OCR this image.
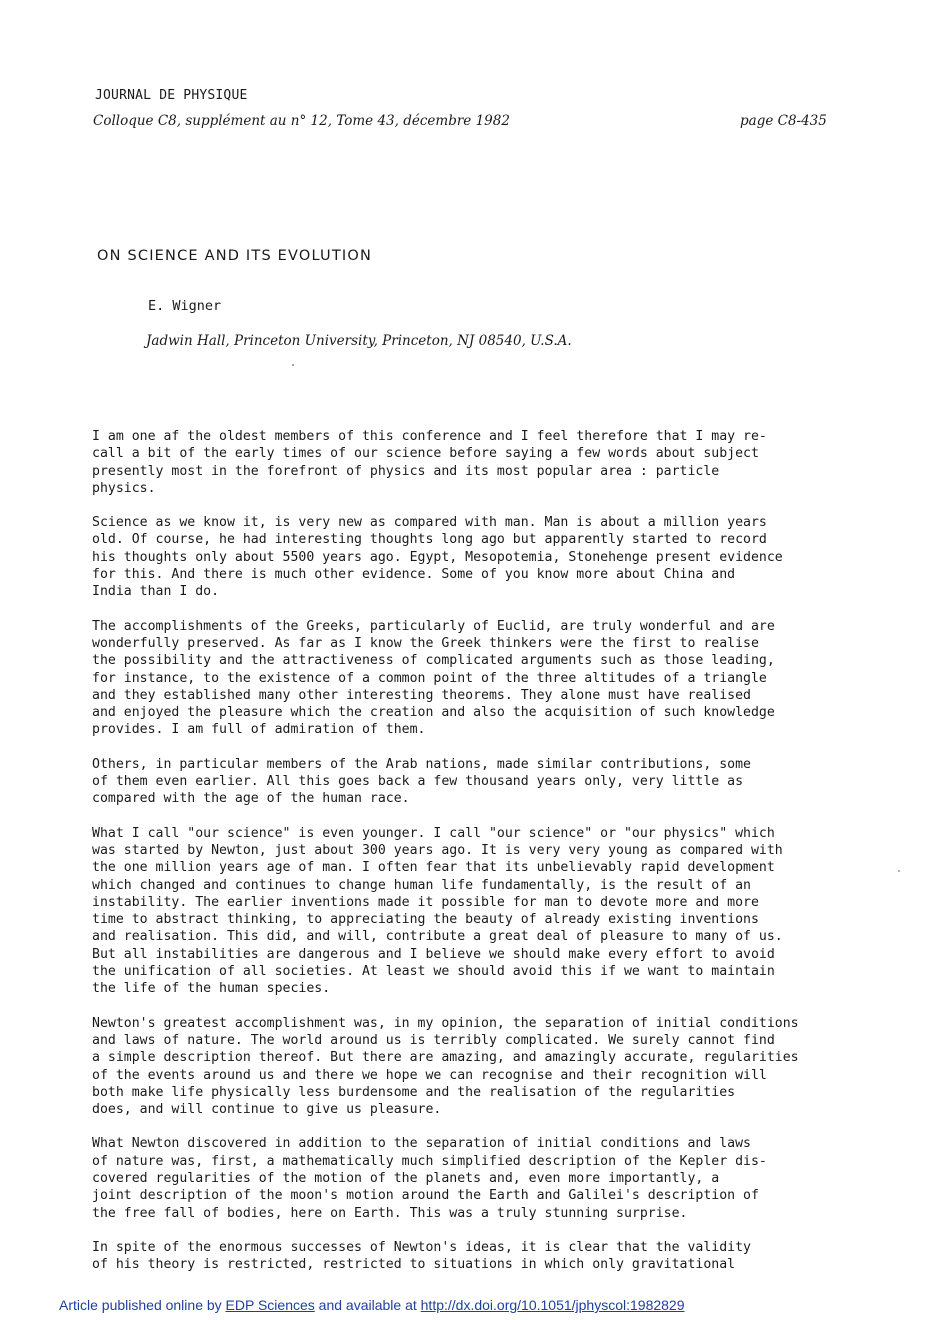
JOURNAL DE PHYSIQUE
Colloque C8, supplément au n° 12, Tome 43, décembre 1982	page C8-435
ON SCIENCE AND ITS EVOLUTION
E. Wigner
Jadwin Hall, Princeton University, Princeton, NJ 08540, U.S.A.

I am one af the oldest members of this conference and I feel therefore that I may re-
call a bit of the early times of our science before saying a few words about subject
presently most in the forefront of physics and its most popular area : particle
physics.

Science as we know it, is very new as compared with man. Man is about a million years
old. Of course, he had interesting thoughts long ago but apparently started to record
his thoughts only about 5500 years ago. Egypt, Mesopotemia, Stonehenge present evidence
for this. And there is much other evidence. Some of you know more about China and
India than I do.

The accomplishments of the Greeks, particularly of Euclid, are truly wonderful and are
wonderfully preserved. As far as I know the Greek thinkers were the first to realise
the possibility and the attractiveness of complicated arguments such as those leading,
for instance, to the existence of a common point of the three altitudes of a triangle
and they established many other interesting theorems. They alone must have realised
and enjoyed the pleasure which the creation and also the acquisition of such knowledge
provides. I am full of admiration of them.

Others, in particular members of the Arab nations, made similar contributions, some
of them even earlier. All this goes back a few thousand years only, very little as
compared with the age of the human race.

What I call "our science" is even younger. I call "our science" or "our physics" which
was started by Newton, just about 300 years ago. It is very very young as compared with
the one million years age of man. I often fear that its unbelievably rapid development
which changed and continues to change human life fundamentally, is the result of an
instability. The earlier inventions made it possible for man to devote more and more
time to abstract thinking, to appreciating the beauty of already existing inventions
and realisation. This did, and will, contribute a great deal of pleasure to many of us.
But all instabilities are dangerous and I believe we should make every effort to avoid
the unification of all societies. At least we should avoid this if we want to maintain
the life of the human species.

Newton's greatest accomplishment was, in my opinion, the separation of initial conditions
and laws of nature. The world around us is terribly complicated. We surely cannot find
a simple description thereof. But there are amazing, and amazingly accurate, regularities
of the events around us and there we hope we can recognise and their recognition will
both make life physically less burdensome and the realisation of the regularities
does, and will continue to give us pleasure.

What Newton discovered in addition to the separation of initial conditions and laws
of nature was, first, a mathematically much simplified description of the Kepler dis-
covered regularities of the motion of the planets and, even more importantly, a
joint description of the moon's motion around the Earth and Galilei's description of
the free fall of bodies, here on Earth. This was a truly stunning surprise.

In spite of the enormous successes of Newton's ideas, it is clear that the validity
of his theory is restricted, restricted to situations in which only gravitational

Article published online by EDP Sciences and available at http://dx.doi.org/10.1051/jphyscol:1982829
